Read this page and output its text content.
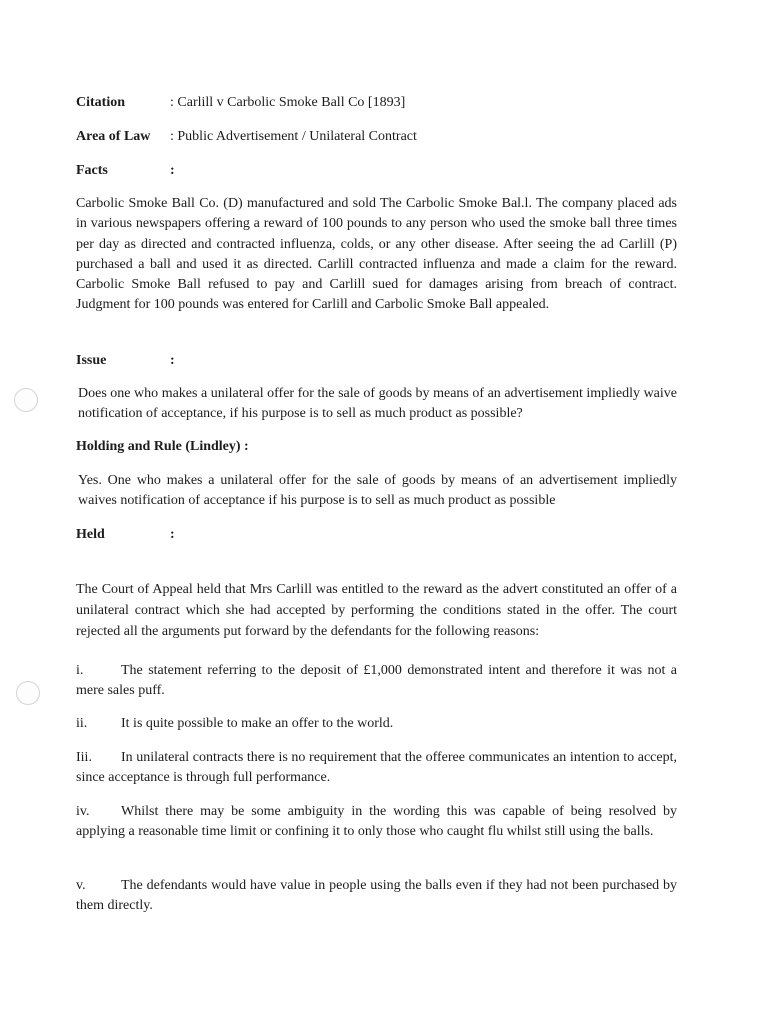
Citation	: Carlill v Carbolic Smoke Ball Co [1893]
Area of Law : Public Advertisement / Unilateral Contract
Facts	:
Carbolic Smoke Ball Co. (D) manufactured and sold The Carbolic Smoke Bal.l. The company placed ads in various newspapers offering a reward of 100 pounds to any person who used the smoke ball three times per day as directed and contracted influenza, colds, or any other disease. After seeing the ad Carlill (P) purchased a ball and used it as directed. Carlill contracted influenza and made a claim for the reward. Carbolic Smoke Ball refused to pay and Carlill sued for damages arising from breach of contract. Judgment for 100 pounds was entered for Carlill and Carbolic Smoke Ball appealed.
Issue	:
Does one who makes a unilateral offer for the sale of goods by means of an advertisement impliedly waive notification of acceptance, if his purpose is to sell as much product as possible?
Holding and Rule (Lindley) :
Yes. One who makes a unilateral offer for the sale of goods by means of an advertisement impliedly waives notification of acceptance if his purpose is to sell as much product as possible
Held	:
The Court of Appeal held that Mrs Carlill was entitled to the reward as the advert constituted an offer of a unilateral contract which she had accepted by performing the conditions stated in the offer. The court rejected all the arguments put forward by the defendants for the following reasons:
i.	The statement referring to the deposit of £1,000 demonstrated intent and therefore it was not a mere sales puff.
ii. It is quite possible to make an offer to the world.
Iii. In unilateral contracts there is no requirement that the offeree communicates an intention to accept, since acceptance is through full performance.
iv. Whilst there may be some ambiguity in the wording this was capable of being resolved by applying a reasonable time limit or confining it to only those who caught flu whilst still using the balls.
v.	The defendants would have value in people using the balls even if they had not been purchased by them directly.
